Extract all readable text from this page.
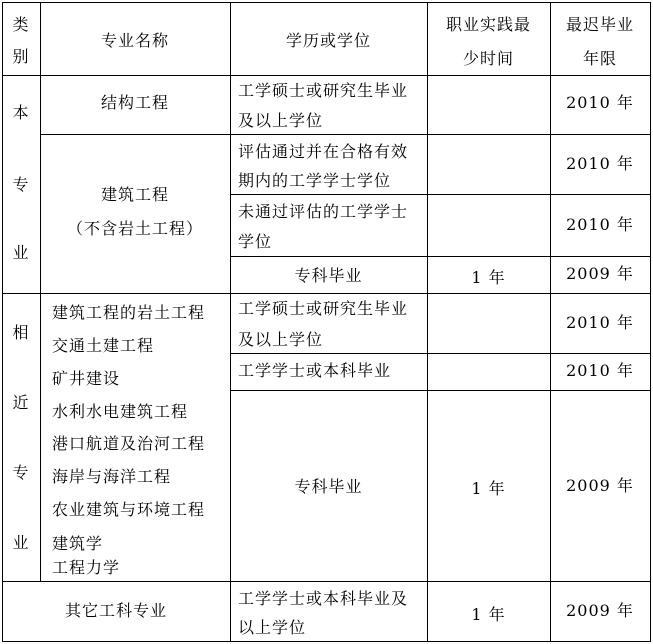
类
别
专业名称	学历或学位
职业实践最
少时间
最迟毕业
年限
本
专
业
相
近
专
业
其它工科专业
结构工程
建筑工程
（不含岩土工程）
建筑工程的岩土工程
交通土建工程
矿井建设
水利水电建筑工程
港口航道及治河工程
海岸与海洋工程
农业建筑与环境工程
建筑学
工程力学
工学硕士或研究生毕业
及以上学位
评估通过并在合格有效
期内的工学学士学位
未通过评估的工学学士
学位
专科毕业
工学硕士或研究生毕业
及以上学位
工学学士或本科毕业
专科毕业
工学学士或本科毕业及
以上学位
1 年
1 年
1 年
2010 年
2010 年
2010 年
2009 年
2010 年
2010 年
2009 年
2009 年
